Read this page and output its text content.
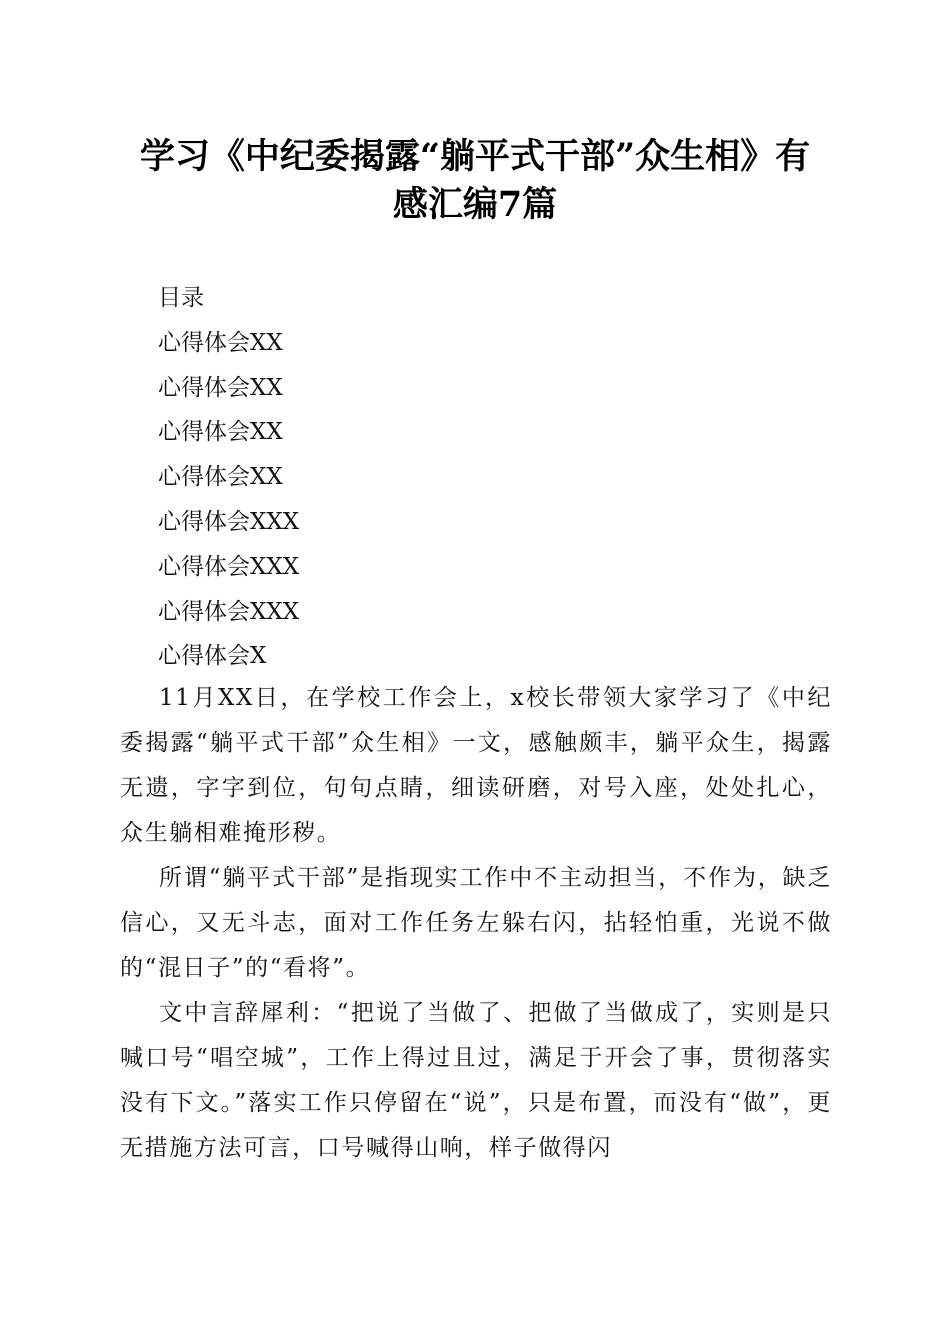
学习《中纪委揭露“躺平式干部”众生相》有
感汇编7篇
目录
心得体会XX
心得体会XX
心得体会XX
心得体会XX
心得体会XXX
心得体会XXX
心得体会XXX
心得体会X

11月XX日，在学校工作会上，x校长带领大家学习了《中纪委揭露“躺平式干部”众生相》一文，感触颇丰，躺平众生，揭露无遗，字字到位，句句点睛，细读研磨，对号入座，处处扎心，众生躺相难掩形秽。

所谓“躺平式干部”是指现实工作中不主动担当，不作为，缺乏信心，又无斗志，面对工作任务左躲右闪，拈轻怕重，光说不做的“混日子”的“看将”。

文中言辞犀利：“把说了当做了、把做了当做成了，实则是只喊口号“唱空城”，工作上得过且过，满足于开会了事，贯彻落实没有下文。”落实工作只停留在“说”，只是布置，而没有“做”，更无措施方法可言，口号喊得山响，样子做得闪
